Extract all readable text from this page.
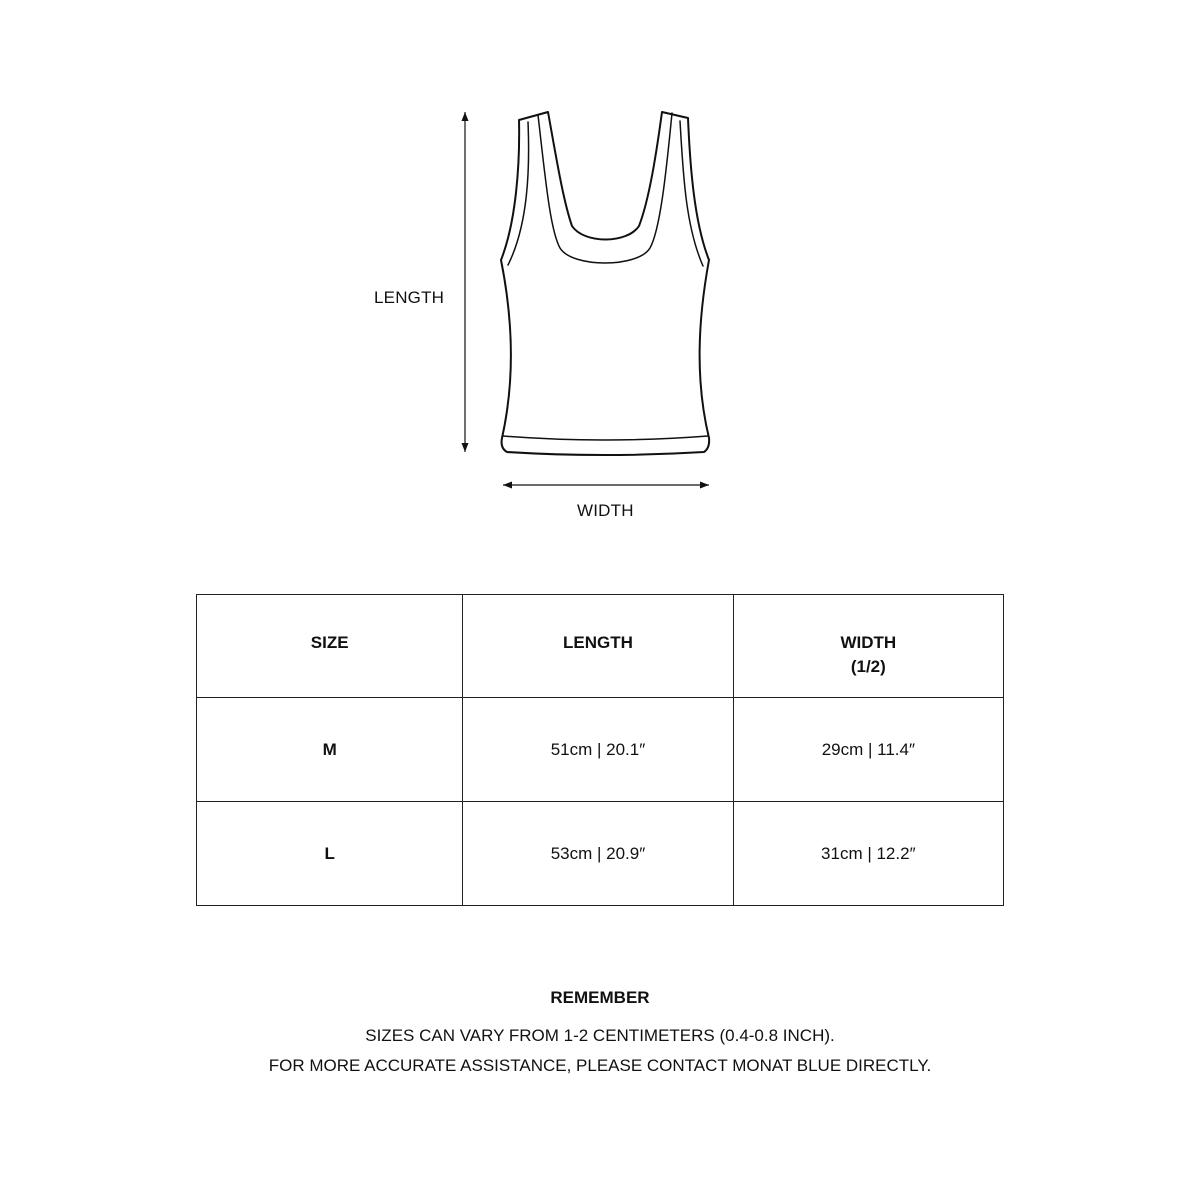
LENGTH
WIDTH
SIZE	LENGTH	WIDTH
(1/2)

M	51cm | 20.1″	29cm | 11.4″
L	53cm | 20.9″	31cm | 12.2″
REMEMBER
SIZES CAN VARY FROM 1-2 CENTIMETERS (0.4-0.8 INCH).
FOR MORE ACCURATE ASSISTANCE, PLEASE CONTACT MONAT BLUE DIRECTLY.
